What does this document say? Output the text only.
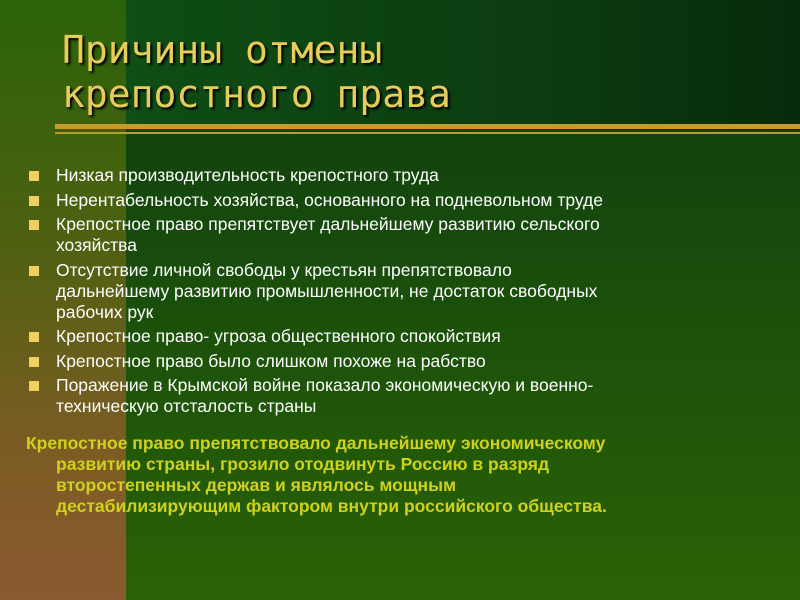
Причины отмены
крепостного права
Низкая производительность крепостного труда
Нерентабельность хозяйства, основанного на подневольном труде
Крепостное право препятствует дальнейшему развитию сельского
хозяйства
Отсутствие личной свободы у крестьян препятствовало
дальнейшему развитию промышленности, не достаток свободных
рабочих рук
Крепостное право- угроза общественного спокойствия
Крепостное право было слишком похоже на рабство
Поражение в Крымской войне показало экономическую и военно-
техническую отсталость страны

Крепостное право препятствовало дальнейшему экономическому
развитию страны, грозило отодвинуть Россию в разряд
второстепенных держав и являлось мощным
дестабилизирующим фактором внутри российского общества.
